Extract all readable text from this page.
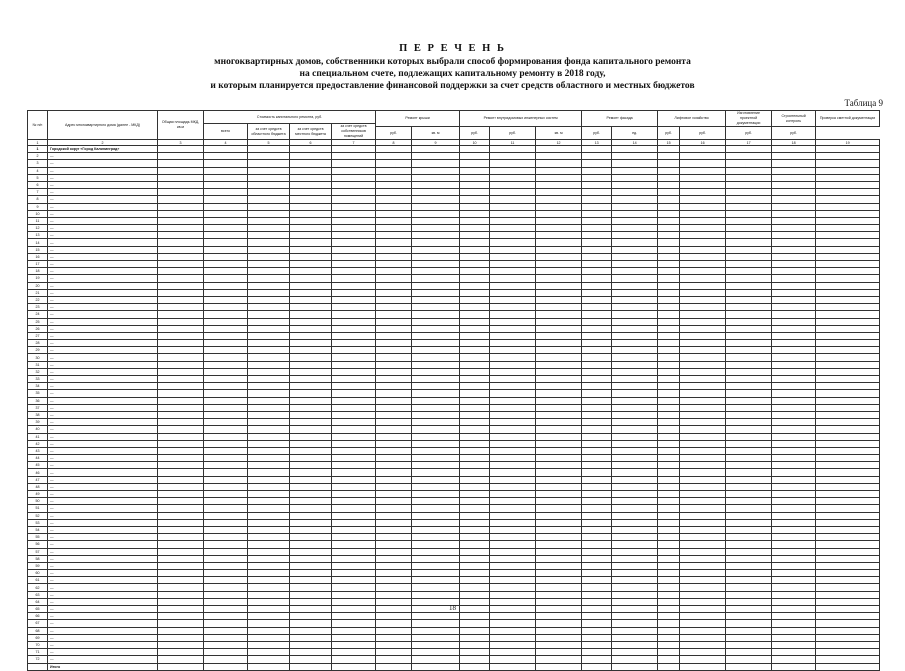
П Е Р Е Ч Е Н Ь
многоквартирных домов, собственники которых выбрали способ формирования фонда капитального ремонта
на специальном счете, подлежащих капитальному ремонту в 2018 году,
и которым планируется предоставление финансовой поддержки за счет средств областного и местных бюджетов
Таблица 9
№ п/п	Адрес многоквартирного дома (далее - МКД)	Общая площадь МКД, кв.м	Стоимость капитального ремонта, руб.				Ремонт крыши		Ремонт внутридомовых инженерных систем			Ремонт фасада		Лифтовое хозяйство		Изготовление проектной документации	Строительный контроль	Проверка сметной документации
			всего	за счет средств областного бюджета	за счет средств местного бюджета	за счет средств собственников помещений												
							руб.	кв. м	руб.	руб.	кв. м	руб.	ед.	руб.	руб.	руб.	руб.	
1	2	3	4	5	6	7	8	9	10	11	12	13	14	15	16	17	18	19
1	Городской округ «Город Калининград»																	
2	—																	
3	—																	
4	—																	
5	—																	
6	—																	
7	—																	
8	—																	
9	—																	
10	—																	
11	—																	
12	—																	
13	—																	
14	—																	
15	—																	
16	—																	
17	—																	
18	—																	
19	—																	
20	—																	
21	—																	
22	—																	
23	—																	
24	—																	
25	—																	
26	—																	
27	—																	
28	—																	
29	—																	
30	—																	
31	—																	
32	—																	
33	—																	
34	—																	
35	—																	
36	—																	
37	—																	
38	—																	
39	—																	
40	—																	
41	—																	
42	—																	
43	—																	
44	—																	
45	—																	
46	—																	
47	—																	
48	—																	
49	—																	
50	—																	
51	—																	
52	—																	
53	—																	
54	—																	
55	—																	
56	—																	
57	—																	
58	—																	
59	—																	
60	—																	
61	—																	
62	—																	
63	—																	
64	—																	
65	—																	
66	—																	
67	—																	
68	—																	
69	—																	
70	—																	
71	—																	
72	—																	
	Итого																	
18
